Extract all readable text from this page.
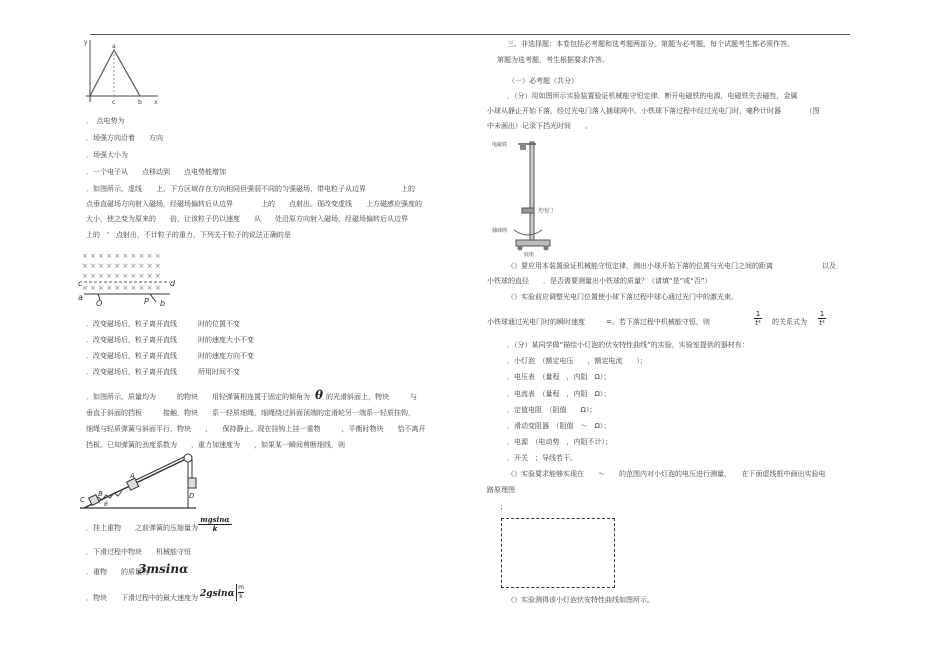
y
a
c	b x
．　点电势为
．场强方向沿着　　方向
．场强大小为
．一个电子从　　点移动到　　点电势能增加
．如图所示，虚线　　上、下方区域存在方向相同但强弱不同的匀强磁场，带电粒子从边界　　　　　上的
点垂直磁场方向射入磁场，经磁场偏转后从边界　　　　上的　　点射出。现改变虚线　　上方磁感应强度的
大小，使之变为原来的　　倍，让该粒子仍以速度　　从　　处沿原方向射入磁场，经磁场偏转后从边界
上的　'　点射出，不计粒子的重力，下列关于粒子的说法正确的是
× × × × × × × × × ×
× × × × × × × × × ×
× × × × × × × × × ×
× × × × × × × × × ×
c
a
d
O	P b
．改变磁场后，粒子离开直线　　　时的位置不变
．改变磁场后，粒子离开直线　　　时的速度大小不变
．改变磁场后，粒子离开直线　　　时的速度方向不变
．改变磁场后，粒子离开直线　　　所用时间不变
．如图所示，质量均为　　　的物块　　用轻弹簧相连置于固定的倾角为 θ 的光滑斜面上，物块　　　与
垂直于斜面的挡板　　　接触，物块　　系一轻质细绳，细绳绕过斜面顶端的定滑轮另一端系一轻质挂钩，
细绳与轻质弹簧与斜面平行，物块　　、　　保持静止。现在挂钩上挂一重物　　　，平衡时物块　　恰不离开
挡板。已知弹簧的劲度系数为　　，重力加速度为　　，如果某一瞬间剪断细线，则
C
B
A
D
θ
．挂上重物　　之前弹簧的压缩量为
mgsinα
k
．下滑过程中物块　　机械能守恒
．重物　　的质量为
3msinα
．物块　　下滑过程中的最大速度为 2gsinα
m
k
三、非选择题：本卷包括必考题和选考题两部分。第题为必考题，每个试题考生都必须作答。
第题为选考题，考生根据要求作答。
（一）必考题（共分）
．（分）用如图所示实验装置验证机械能守恒定律．断开电磁铁的电源，电磁铁失去磁性，金属
小球从静止开始下落，经过光电门落入捕球网中。小铁球下落过程中经过光电门时，毫秒计时器　　　　（图
中未画出）记录下挡光时间　　。
电磁铁
光电门
捕球网
底座
（）要应用本装置验证机械能守恒定律，测出小球开始下落的位置与光电门之间的距离　　　　　　　以及
小铁球的直径　　．是否需要测量出小铁球的质量？（请填“是”或“否”）
（）实验前应调整光电门位置使小球下落过程中球心通过光门中的激光束。
小铁球通过光电门时的瞬时速度　　　=。若下落过程中机械能守恒，则
1
t² 的关系式为
1
t²
．（分）某同学做“描绘小灯泡的伏安特性曲线”的实验，实验室提供的器材有：
．小灯泡　（额定电压　　，额定电流　　）；
．电压表　（量程　，内阻　Ω）；
．电流表　（量程　，内阻　Ω）；
．定值电阻　（阻值　　Ω）；
．滑动变阻器　（阻值　～　Ω）；
．电源　（电动势　，内阻不计）；
．开关　；导线若干。
（）实验要求能够实现在　　～　　的范围内对小灯泡的电压进行测量，　　在下面虚线框中画出实验电
路原理图
；
（）实验测得该小灯泡伏安特性曲线如图所示。
